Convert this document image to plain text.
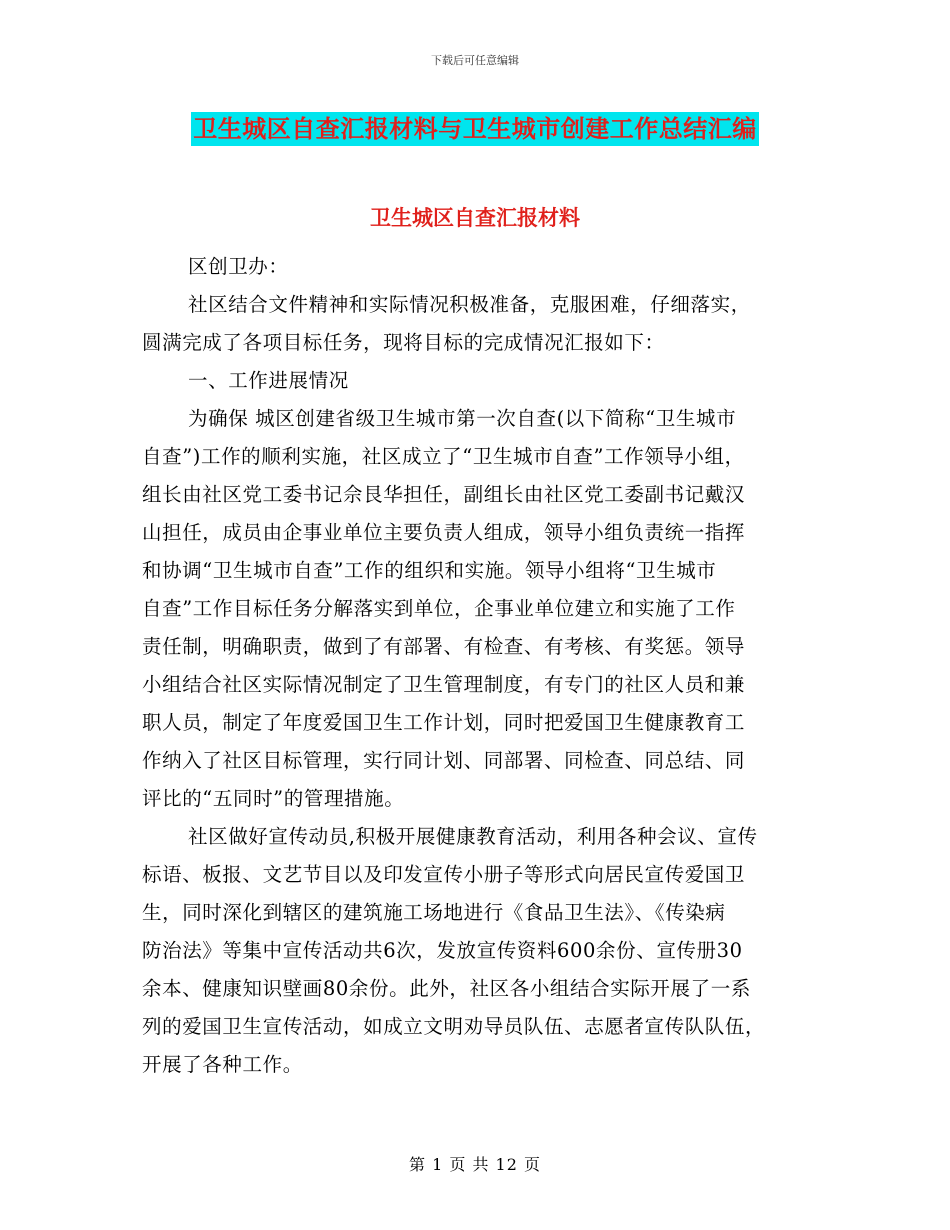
下载后可任意编辑
卫生城区自查汇报材料与卫生城市创建工作总结汇编
卫生城区自查汇报材料
区创卫办：
社区结合文件精神和实际情况积极准备，克服困难，仔细落实，
圆满完成了各项目标任务，现将目标的完成情况汇报如下：
一、工作进展情况
为确保 城区创建省级卫生城市第一次自查(以下简称“卫生城市
自查”)工作的顺利实施，社区成立了“卫生城市自查”工作领导小组，
组长由社区党工委书记佘艮华担任，副组长由社区党工委副书记戴汉
山担任，成员由企事业单位主要负责人组成，领导小组负责统一指挥
和协调“卫生城市自查”工作的组织和实施。领导小组将“卫生城市
自查”工作目标任务分解落实到单位，企事业单位建立和实施了工作
责任制，明确职责，做到了有部署、有检查、有考核、有奖惩。领导
小组结合社区实际情况制定了卫生管理制度，有专门的社区人员和兼
职人员，制定了年度爱国卫生工作计划，同时把爱国卫生健康教育工
作纳入了社区目标管理，实行同计划、同部署、同检查、同总结、同
评比的“五同时”的管理措施。
社区做好宣传动员,积极开展健康教育活动，利用各种会议、宣传
标语、板报、文艺节目以及印发宣传小册子等形式向居民宣传爱国卫
生，同时深化到辖区的建筑施工场地进行《食品卫生法》、《传染病
防治法》等集中宣传活动共6次，发放宣传资料600余份、宣传册30
余本、健康知识壁画80余份。此外，社区各小组结合实际开展了一系
列的爱国卫生宣传活动，如成立文明劝导员队伍、志愿者宣传队队伍，
开展了各种工作。
第 1 页 共 12 页
